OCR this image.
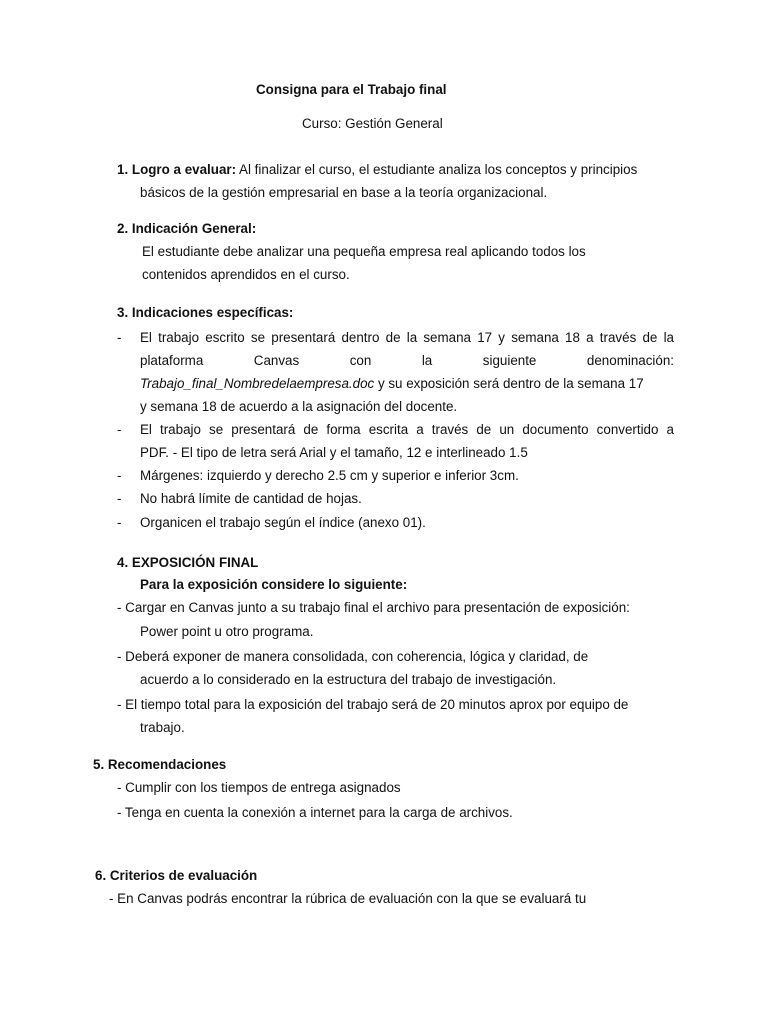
Consigna para el Trabajo final
Curso: Gestión General
1. Logro a evaluar: Al finalizar el curso, el estudiante analiza los conceptos y principios
básicos de la gestión empresarial en base a la teoría organizacional.
2. Indicación General:
El estudiante debe analizar una pequeña empresa real aplicando todos los
contenidos aprendidos en el curso.
3. Indicaciones específicas:
- El trabajo escrito se presentará dentro de la semana 17 y semana 18 a través de la
plataforma Canvas con la siguiente denominación:
Trabajo_final_Nombredelaempresa.doc y su exposición será dentro de la semana 17
y semana 18 de acuerdo a la asignación del docente.
- El trabajo se presentará de forma escrita a través de un documento convertido a
PDF. - El tipo de letra será Arial y el tamaño, 12 e interlineado 1.5
- Márgenes: izquierdo y derecho 2.5 cm y superior e inferior 3cm.
- No habrá límite de cantidad de hojas.
- Organicen el trabajo según el índice (anexo 01).
4. EXPOSICIÓN FINAL
Para la exposición considere lo siguiente:
- Cargar en Canvas junto a su trabajo final el archivo para presentación de exposición:
Power point u otro programa.
- Deberá exponer de manera consolidada, con coherencia, lógica y claridad, de
acuerdo a lo considerado en la estructura del trabajo de investigación.
- El tiempo total para la exposición del trabajo será de 20 minutos aprox por equipo de
trabajo.
5. Recomendaciones
- Cumplir con los tiempos de entrega asignados
- Tenga en cuenta la conexión a internet para la carga de archivos.
6. Criterios de evaluación
- En Canvas podrás encontrar la rúbrica de evaluación con la que se evaluará tu
